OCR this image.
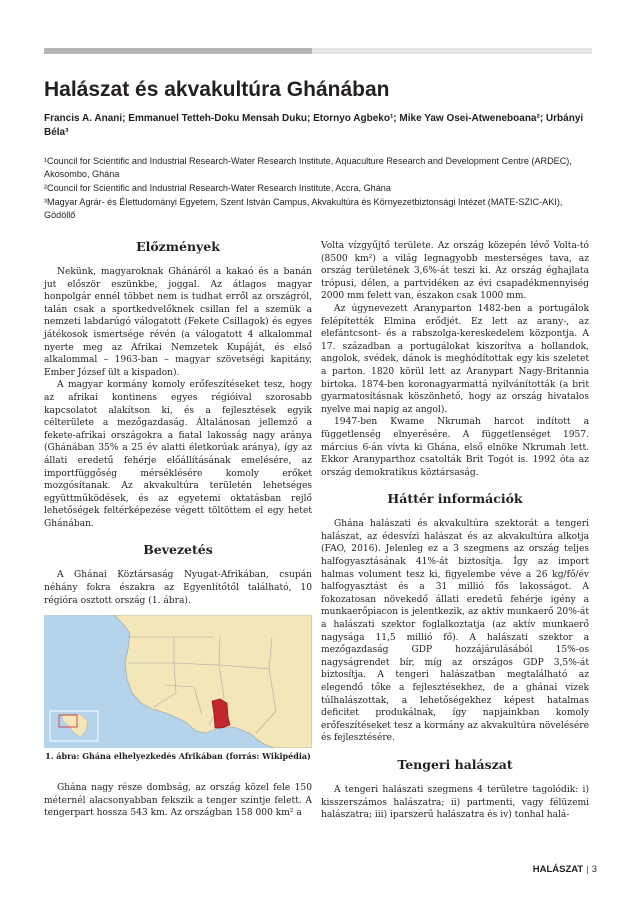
Halászat és akvakultúra Ghánában

Francis A. Anani; Emmanuel Tetteh-Doku Mensah Duku; Etornyo Agbeko¹; Mike Yaw Osei-Atweneboana²; Urbányi Béla³

¹Council for Scientific and Industrial Research-Water Research Institute, Aquaculture Research and Development Centre (ARDEC), Akosombo, Ghána

²Council for Scientific and Industrial Research-Water Research Institute, Accra, Ghána

³Magyar Agrár- és Élettudományi Egyetem, Szent István Campus, Akvakultúra és Környezetbiztonsági Intézet (MATE-SZIC-AKI), Gödöllő

Előzmények

Nekünk, magyaroknak Ghánáról a kakaó és a banán jut először eszünkbe, joggal. Az átlagos magyar honpolgár ennél többet nem is tudhat erről az országról, talán csak a sportkedvelőknek csillan fel a szemük a nemzeti labdarúgó válogatott (Fekete Csillagok) és egyes játékosok ismertsége révén (a válogatott 4 alkalommal nyerte meg az Afrikai Nemzetek Kupáját, és első alkalommal – 1963-ban – magyar szövetségi kapitány, Ember József ült a kispadon).

A magyar kormány komoly erőfeszítéseket tesz, hogy az afrikai kontinens egyes régióival szorosabb kapcsolatot alakítson ki, és a fejlesztések egyik célterülete a mezőgazdaság. Általánosan jellemző a fekete-afrikai országokra a fiatal lakosság nagy aránya (Ghánában 35% a 25 év alatti életkorúak aránya), így az állati eredetű fehérje előállításának emelésére, az importfüggőség mérséklésére komoly erőket mozgósítanak. Az akvakultúra területén lehetséges együttműködések, és az egyetemi oktatásban rejlő lehetőségek feltérképezése végett töltöttem el egy hetet Ghánában.

Bevezetés

A Ghánai Köztársaság Nyugat-Afrikában, csupán néhány fokra északra az Egyenlítőtől található, 10 régióra osztott ország (1. ábra).

1. ábra: Ghána elhelyezkedés Afrikában (forrás: Wikipédia)

Ghána nagy része dombság, az ország közel fele 150 méternél alacsonyabban fekszik a tenger szintje felett. A tengerpart hossza 543 km. Az országban 158 000 km² a

Volta vízgyűjtő területe. Az ország közepén lévő Volta-tó (8500 km²) a világ legnagyobb mesterséges tava, az ország területének 3,6%-át teszi ki. Az ország éghajlata trópusi, délen, a partvidéken az évi csapadékmennyiség 2000 mm felett van, északon csak 1000 mm.

Az úgynevezett Aranyparton 1482-ben a portugálok felépítették Elmina erődjét. Ez lett az arany-, az elefántcsont- és a rabszolga-kereskedelem központja. A 17. században a portugálokat kiszorítva a hollandok, angolok, svédek, dánok is meghódítottak egy kis szeletet a parton. 1820 körül lett az Aranypart Nagy-Britannia birtoka. 1874-ben koronagyarmattá nyilvánították (a brit gyarmatosításnak köszönhető, hogy az ország hivatalos nyelve mai napig az angol).

1947-ben Kwame Nkrumah harcot indított a függetlenség elnyerésére. A függetlenséget 1957. március 6-án vívta ki Ghána, első elnöke Nkrumah lett. Ekkor Aranyparthoz csatolták Brit Togót is. 1992 óta az ország demokratikus köztársaság.

Háttér információk

Ghána halászati és akvakultúra szektorát a tengeri halászat, az édesvízi halászat és az akvakultúra alkotja (FAO, 2016). Jelenleg ez a 3 szegmens az ország teljes halfogyasztásának 41%-át biztosítja. Így az import halmas volument tesz ki, figyelembe véve a 26 kg/fő/év halfogyasztást és a 31 millió fős lakosságot. A fokozatosan növekedő állati eredetű fehérje igény a munkaerőpiacon is jelentkezik, az aktív munkaerő 20%-át a halászati szektor foglalkoztatja (az aktív munkaerő nagysága 11,5 millió fő). A halászati szektor a mezőgazdaság GDP hozzájárulásából 15%-os nagyságrendet bír, míg az országos GDP 3,5%-át biztosítja. A tengeri halászatban megtalálható az elegendő tőke a fejlesztésekhez, de a ghánai vizek túlhalászottak, a lehetőségekhez képest hatalmas deficitet produkálnak, így napjainkban komoly erőfeszítéseket tesz a kormány az akvakultúra növelésére és fejlesztésére.

Tengeri halászat

A tengeri halászati szegmens 4 területre tagolódik: i) kisszerszámos halászatra; ii) partmenti, vagy félüzemi halászatra; iii) iparszerű halászatra és iv) tonhal halá-

HALÁSZAT | 3
